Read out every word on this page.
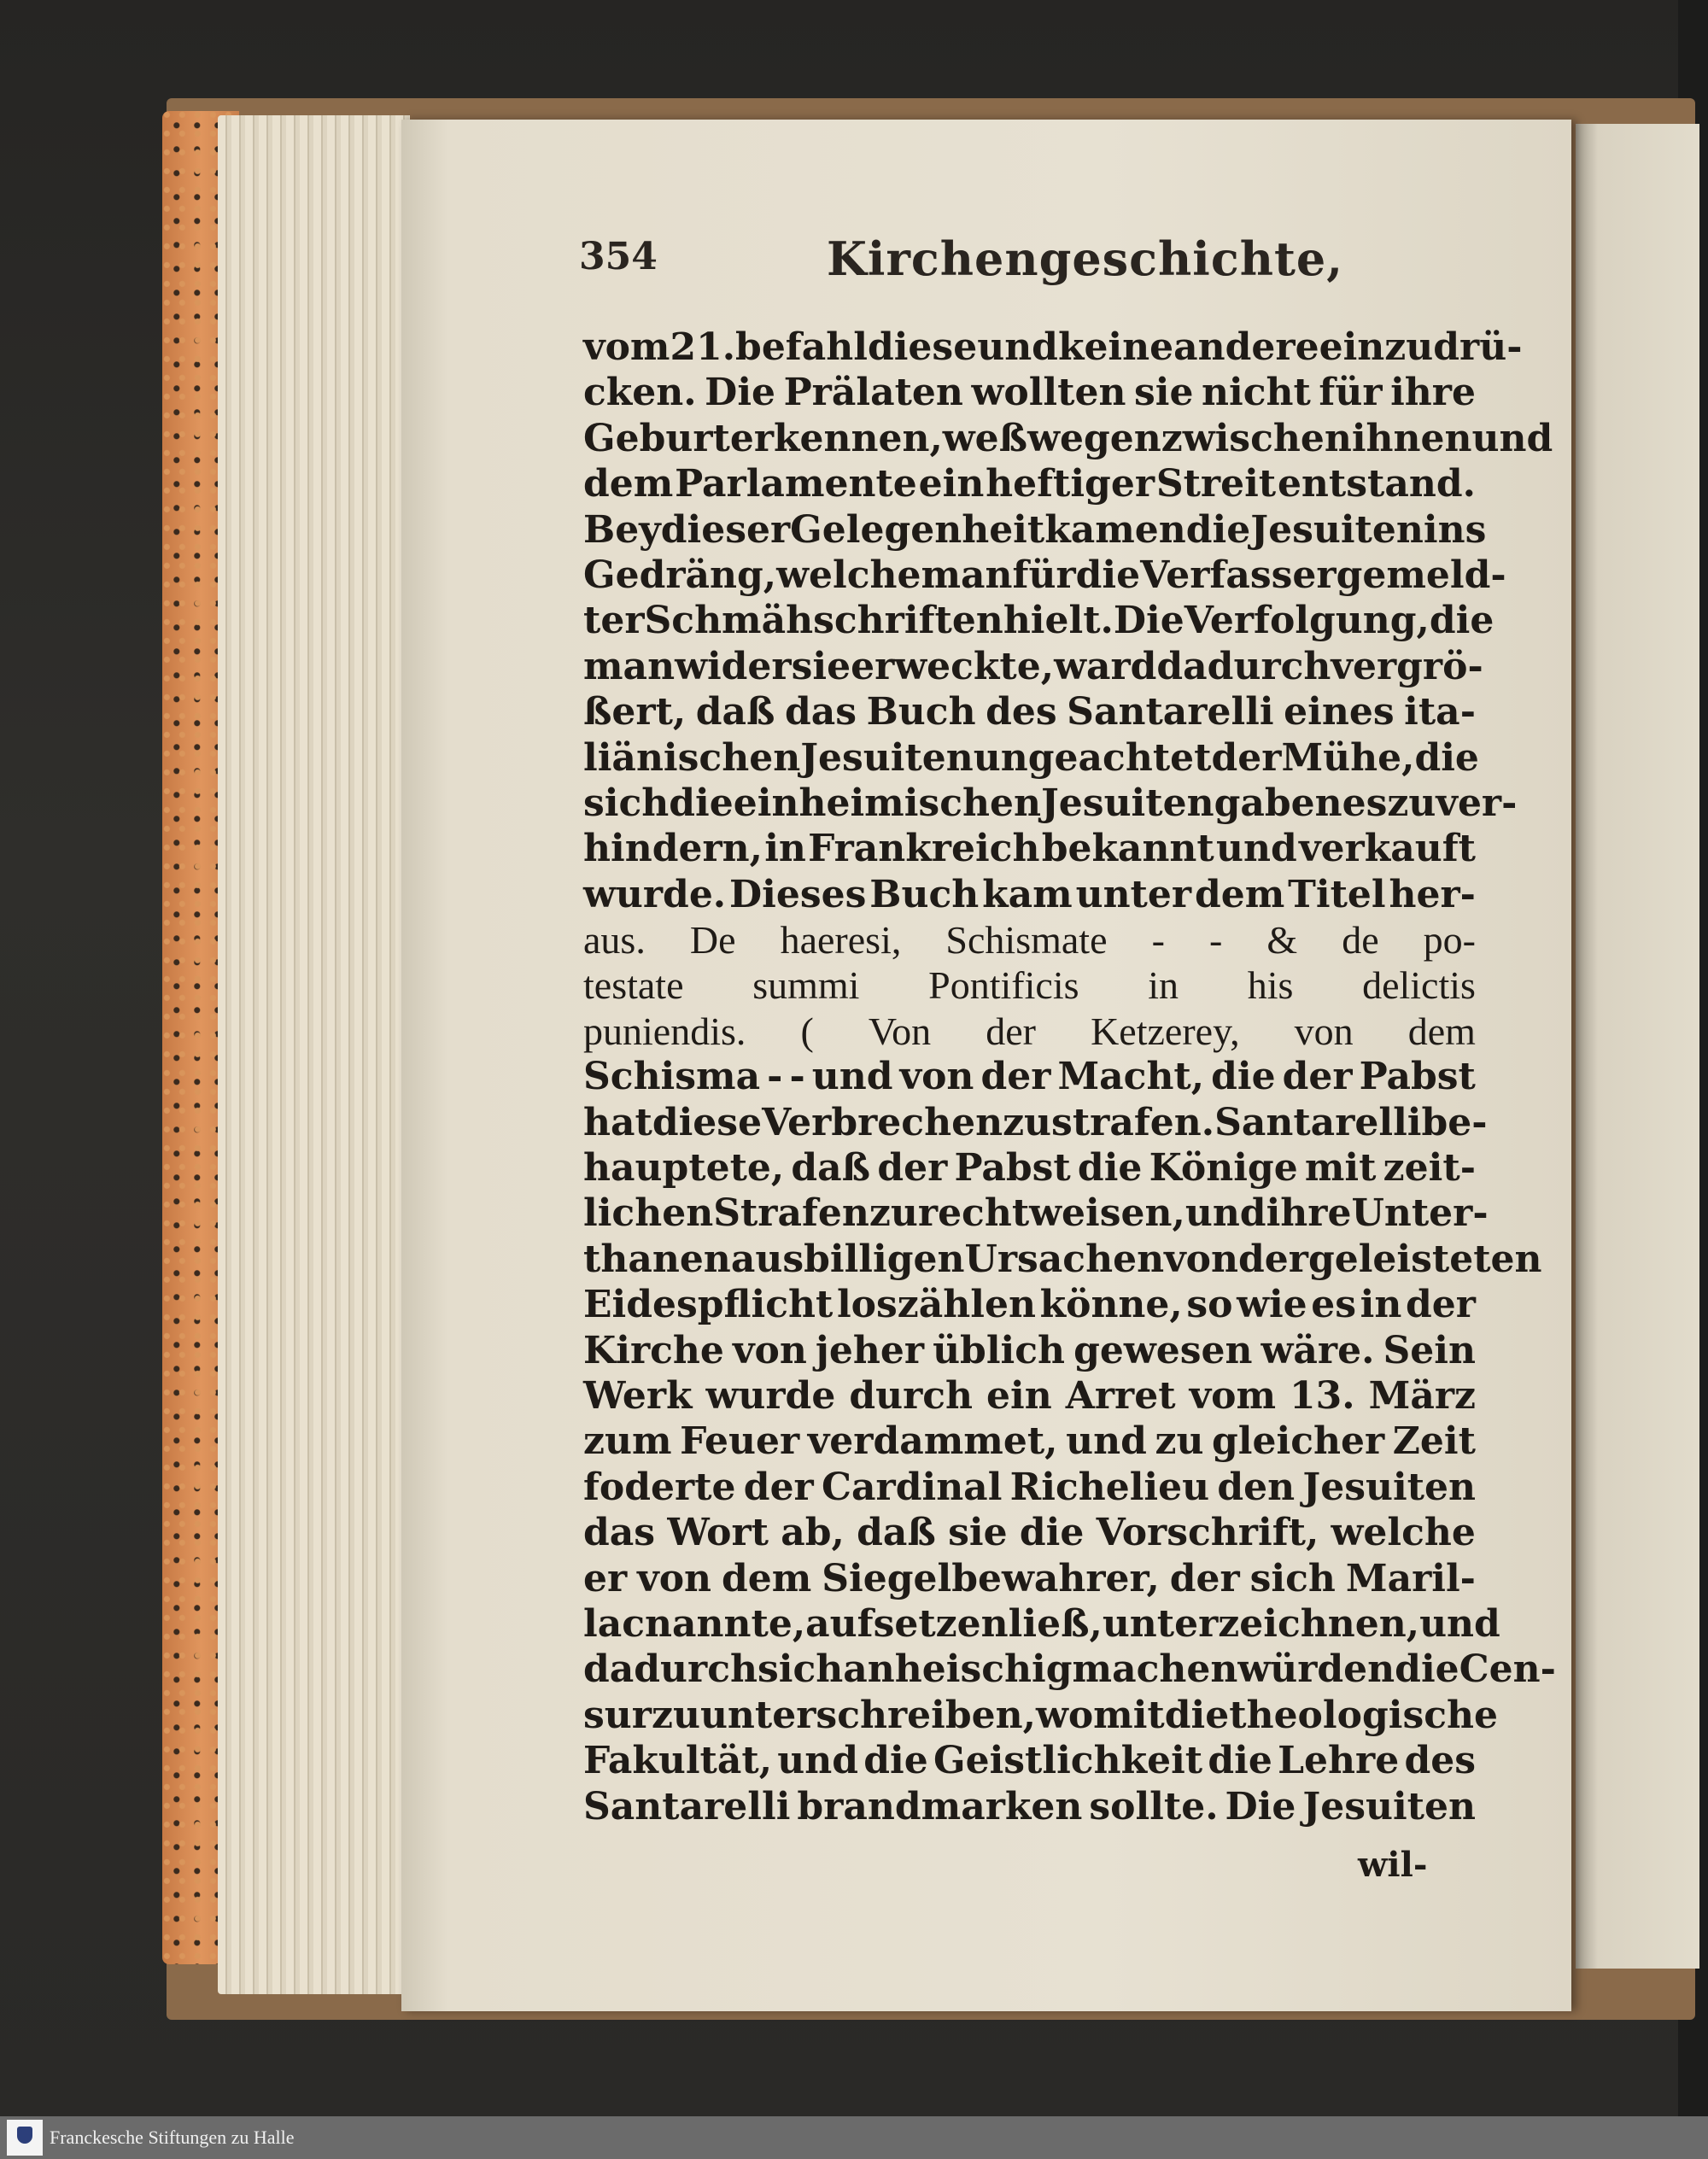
354	Kirchengeschichte,
vom 21. befahl diese und keine andere einzudrü-
cken. Die Prälaten wollten sie nicht für ihre
Geburt erkennen, weßwegen zwischen ihnen und
dem Parlamente ein heftiger Streit entstand.
Bey dieser Gelegenheit kamen die Jesuiten ins
Gedräng, welche man für die Verfasser gemeld-
ter Schmähschriften hielt. Die Verfolgung, die
man wider sie erweckte, ward dadurch vergrö-
ßert, daß das Buch des Santarelli eines ita-
liänischen Jesuiten ungeachtet der Mühe, die
sich die einheimischen Jesuiten gaben es zu ver-
hindern, in Frankreich bekannt und verkauft
wurde. Dieses Buch kam unter dem Titel her-
aus. De haeresi, Schismate - - & de po-
testate summi Pontificis in his delictis
puniendis. ( Von der Ketzerey, von dem
Schisma - - und von der Macht, die der Pabst
hat diese Verbrechen zu strafen. Santarelli be-
hauptete, daß der Pabst die Könige mit zeit-
lichen Strafen zurechtweisen, und ihre Unter-
thanen aus billigen Ursachen von der geleisteten
Eidespflicht loszählen könne, so wie es in der
Kirche von jeher üblich gewesen wäre. Sein
Werk wurde durch ein Arret vom 13. März
zum Feuer verdammet, und zu gleicher Zeit
foderte der Cardinal Richelieu den Jesuiten
das Wort ab, daß sie die Vorschrift, welche
er von dem Siegelbewahrer, der sich Maril-
lac nannte, aufsetzen ließ, unterzeichnen, und
dadurch sich anheischig machen würden die Cen-
sur zu unterschreiben, womit die theologische
Fakultät, und die Geistlichkeit die Lehre des
Santarelli brandmarken sollte. Die Jesuiten
wil-
Franckesche Stiftungen zu Halle
